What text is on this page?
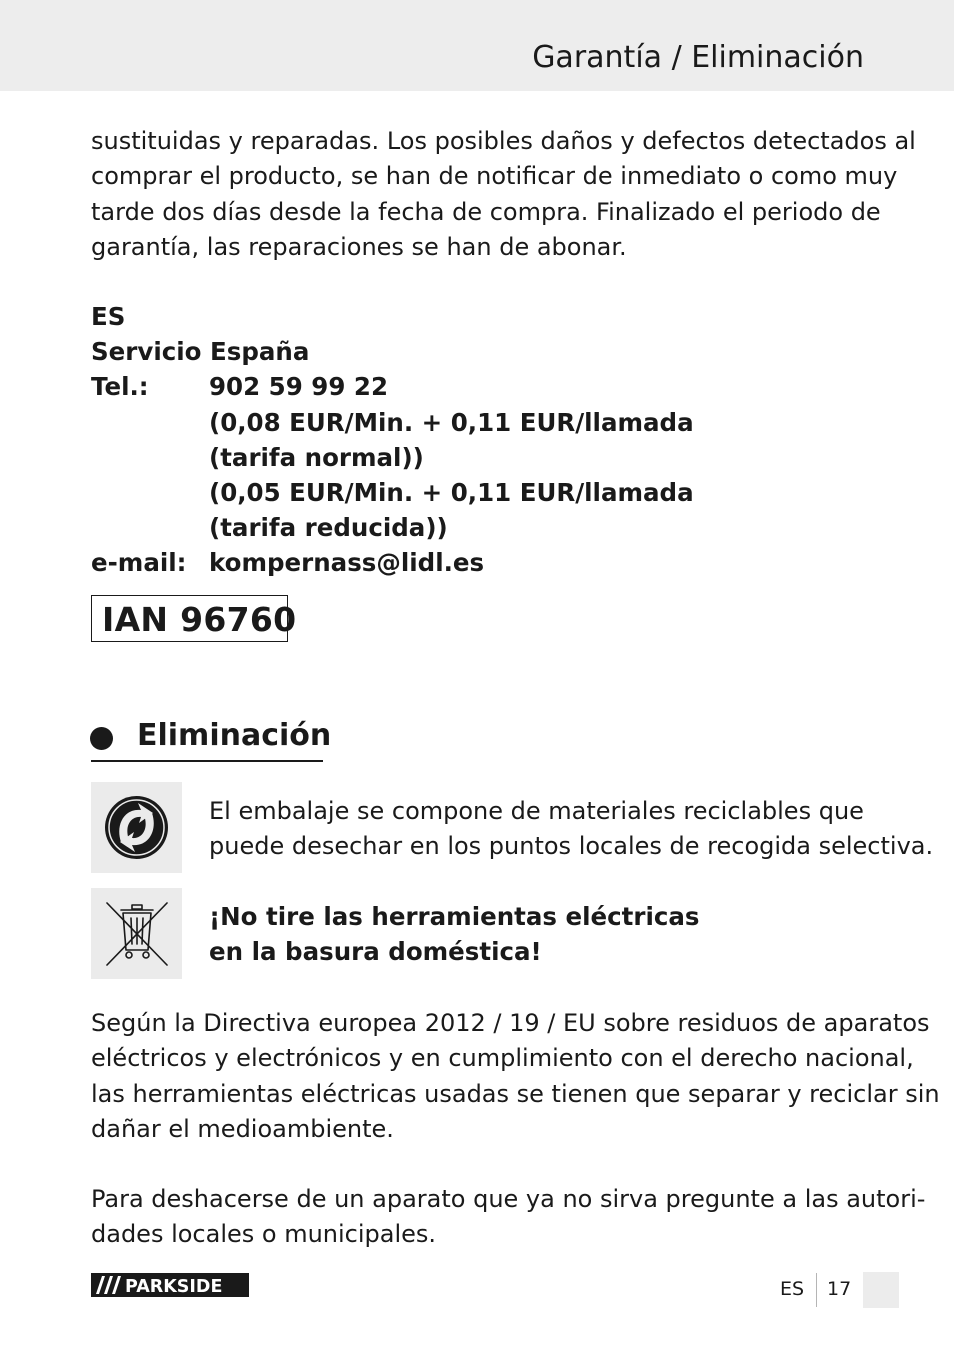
Garantía / Eliminación
sustituidas y reparadas. Los posibles daños y defectos detectados al
comprar el producto, se han de notificar de inmediato o como muy
tarde dos días desde la fecha de compra. Finalizado el periodo de
garantía, las reparaciones se han de abonar.
ES
Servicio España
Tel.:	902 59 99 22
(0,08 EUR/Min. + 0,11 EUR/llamada
(tarifa normal))
(0,05 EUR/Min. + 0,11 EUR/llamada
(tarifa reducida))
e-mail: kompernass@lidl.es
IAN 96760
Eliminación
El embalaje se compone de materiales reciclables que
puede desechar en los puntos locales de recogida selectiva.
¡No tire las herramientas eléctricas
en la basura doméstica!
Según la Directiva europea 2012 / 19 / EU sobre residuos de aparatos
eléctricos y electrónicos y en cumplimiento con el derecho nacional,
las herramientas eléctricas usadas se tienen que separar y reciclar sin
dañar el medioambiente.
Para deshacerse de un aparato que ya no sirva pregunte a las autori-
dades locales o municipales.
PARKSIDE	ES 17
